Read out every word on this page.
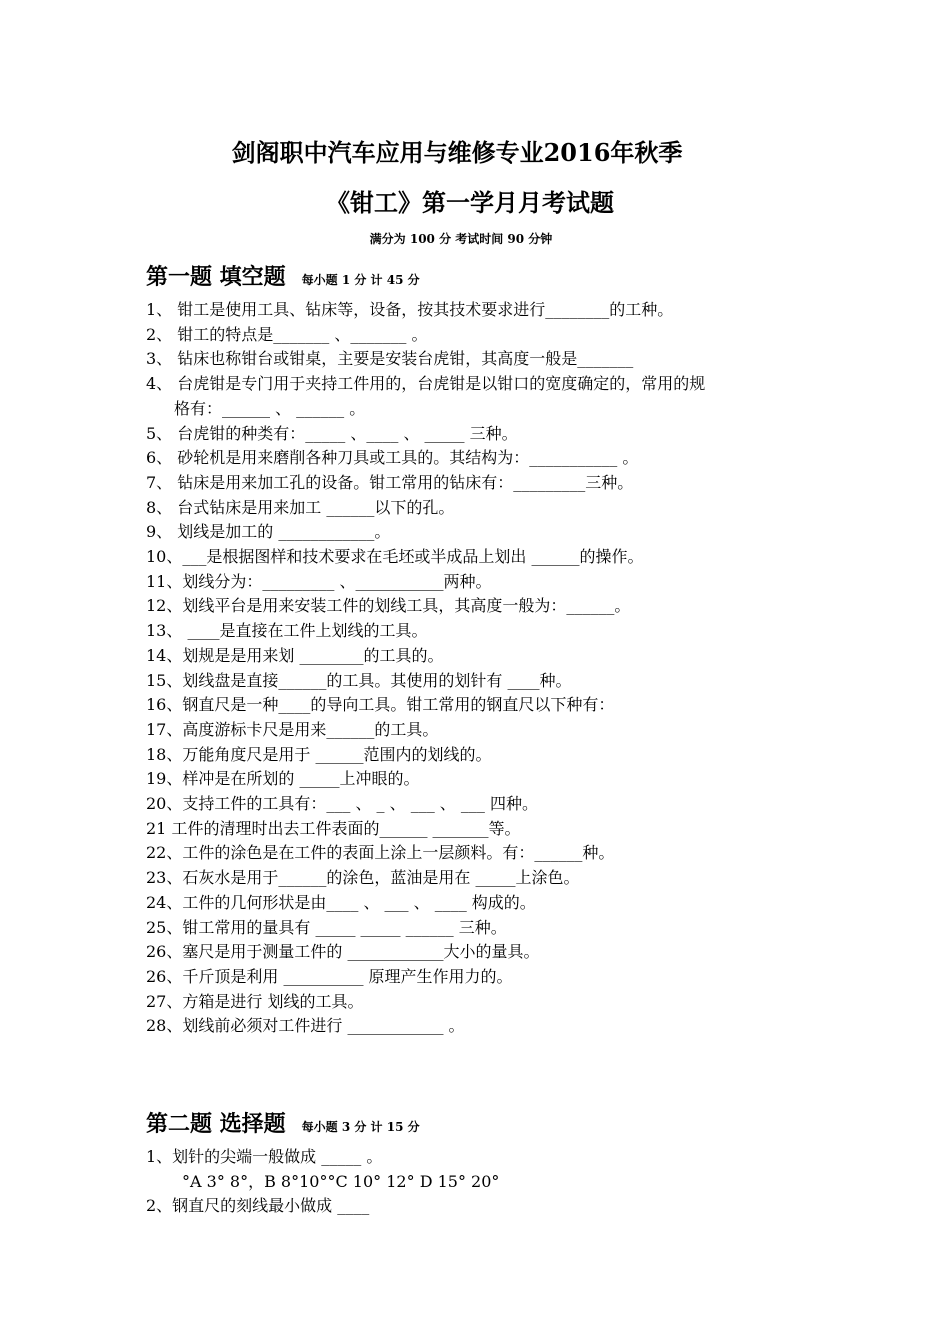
剑阁职中汽车应用与维修专业2016年秋季
《钳工》第一学月月考试题
满分为 100 分 考试时间 90 分钟
第一题 填空题 每小题 1 分 计 45 分
1、 钳工是使用工具、钻床等，设备，按其技术要求进行________的工种。
2、 钳工的特点是_______ 、_______ 。
3、 钻床也称钳台或钳桌，主要是安装台虎钳，其高度一般是_______
4、 台虎钳是专门用于夹持工件用的，台虎钳是以钳口的宽度确定的，常用的规
格有：______ 、 ______ 。
5、 台虎钳的种类有：_____ 、____ 、 _____ 三种。
6、 砂轮机是用来磨削各种刀具或工具的。其结构为：___________ 。
7、 钻床是用来加工孔的设备。钳工常用的钻床有：_________三种。
8、 台式钻床是用来加工 ______以下的孔。
9、 划线是加工的 ____________。
10、___是根据图样和技术要求在毛坯或半成品上划出 ______的操作。
11、划线分为：_________ 、___________两种。
12、划线平台是用来安装工件的划线工具，其高度一般为：______。
13、 ____是直接在工件上划线的工具。
14、划规是是用来划 ________的工具的。
15、划线盘是直接______的工具。其使用的划针有 ____种。
16、钢直尺是一种____的导向工具。钳工常用的钢直尺以下种有：
17、高度游标卡尺是用来______的工具。
18、万能角度尺是用于 ______范围内的划线的。
19、样冲是在所划的 _____上冲眼的。
20、支持工件的工具有：___ 、 _ 、 ___ 、 ___ 四种。
21 工件的清理时出去工件表面的______ _______等。
22、工件的涂色是在工件的表面上涂上一层颜料。有：______种。
23、石灰水是用于______的涂色，蓝油是用在 _____上涂色。
24、工件的几何形状是由____ 、 ___ 、 ____ 构成的。
25、钳工常用的量具有 _____ _____ ______ 三种。
26、塞尺是用于测量工件的 ____________大小的量具。
26、千斤顶是利用 __________ 原理产生作用力的。
27、方箱是进行 划线的工具。
28、划线前必须对工件进行 ____________ 。
第二题 选择题 每小题 3 分 计 15 分
1、划针的尖端一般做成 _____ 。
°A 3° 8°，B 8°10°°C 10° 12° D 15° 20°
2、钢直尺的刻线最小做成 ____
